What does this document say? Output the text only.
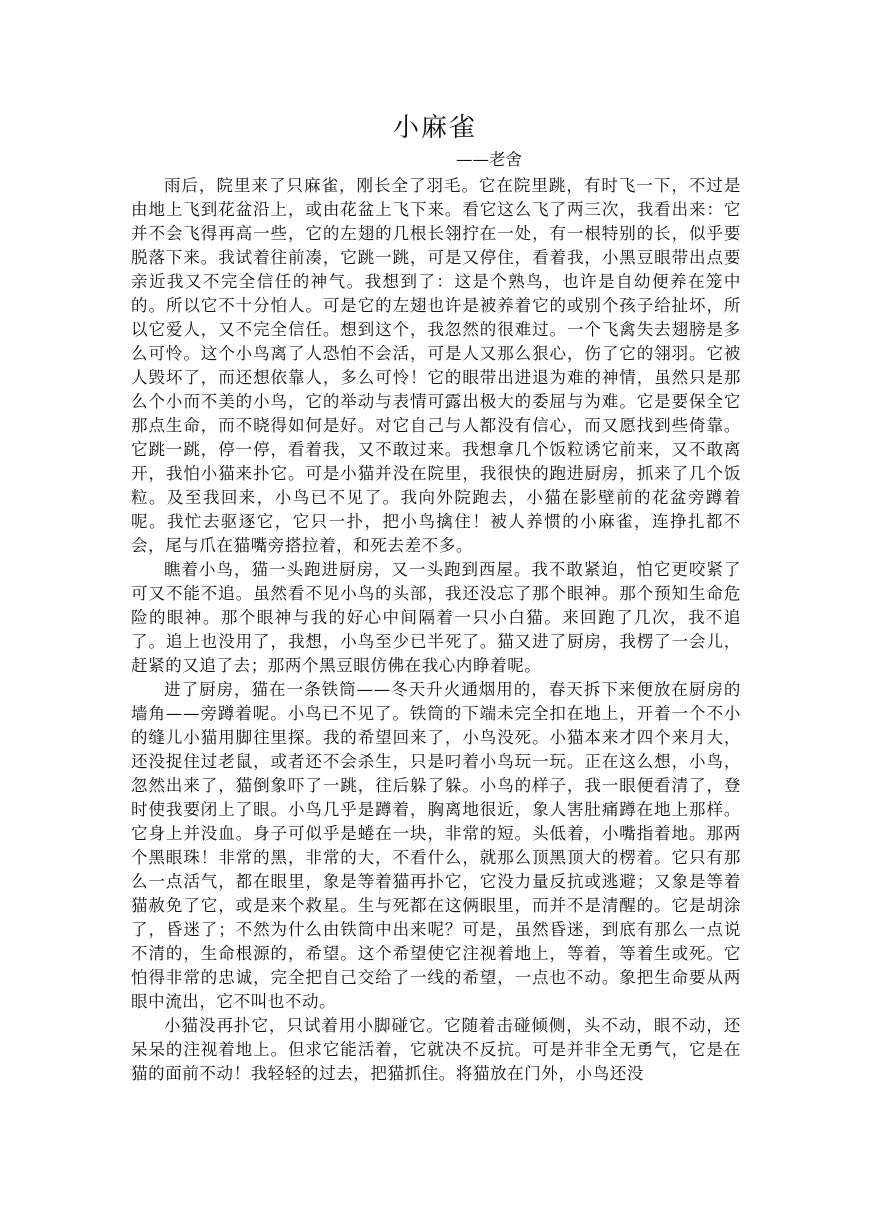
小麻雀
——老舍

雨后，院里来了只麻雀，刚长全了羽毛。它在院里跳，有时飞一下，不过是由地上飞到花盆沿上，或由花盆上飞下来。看它这么飞了两三次，我看出来：它并不会飞得再高一些，它的左翅的几根长翎拧在一处，有一根特别的长，似乎要脱落下来。我试着往前凑，它跳一跳，可是又停住，看着我，小黑豆眼带出点要亲近我又不完全信任的神气。我想到了：这是个熟鸟，也许是自幼便养在笼中的。所以它不十分怕人。可是它的左翅也许是被养着它的或别个孩子给扯坏，所以它爱人，又不完全信任。想到这个，我忽然的很难过。一个飞禽失去翅膀是多么可怜。这个小鸟离了人恐怕不会活，可是人又那么狠心，伤了它的翎羽。它被人毁坏了，而还想依靠人，多么可怜！它的眼带出进退为难的神情，虽然只是那么个小而不美的小鸟，它的举动与表情可露出极大的委屈与为难。它是要保全它那点生命，而不晓得如何是好。对它自己与人都没有信心，而又愿找到些倚靠。它跳一跳，停一停，看着我，又不敢过来。我想拿几个饭粒诱它前来，又不敢离开，我怕小猫来扑它。可是小猫并没在院里，我很快的跑进厨房，抓来了几个饭粒。及至我回来，小鸟已不见了。我向外院跑去，小猫在影壁前的花盆旁蹲着呢。我忙去驱逐它，它只一扑，把小鸟擒住！被人养惯的小麻雀，连挣扎都不会，尾与爪在猫嘴旁搭拉着，和死去差不多。

瞧着小鸟，猫一头跑进厨房，又一头跑到西屋。我不敢紧迫，怕它更咬紧了可又不能不追。虽然看不见小鸟的头部，我还没忘了那个眼神。那个预知生命危险的眼神。那个眼神与我的好心中间隔着一只小白猫。来回跑了几次，我不追了。追上也没用了，我想，小鸟至少已半死了。猫又进了厨房，我楞了一会儿，赶紧的又追了去；那两个黑豆眼仿佛在我心内睁着呢。

进了厨房，猫在一条铁筒——冬天升火通烟用的，春天拆下来便放在厨房的墙角——旁蹲着呢。小鸟已不见了。铁筒的下端未完全扣在地上，开着一个不小的缝儿小猫用脚往里探。我的希望回来了，小鸟没死。小猫本来才四个来月大，还没捉住过老鼠，或者还不会杀生，只是叼着小鸟玩一玩。正在这么想，小鸟，忽然出来了，猫倒象吓了一跳，往后躲了躲。小鸟的样子，我一眼便看清了，登时使我要闭上了眼。小鸟几乎是蹲着，胸离地很近，象人害肚痛蹲在地上那样。它身上并没血。身子可似乎是蜷在一块，非常的短。头低着，小嘴指着地。那两个黑眼珠！非常的黑，非常的大，不看什么，就那么顶黑顶大的楞着。它只有那么一点活气，都在眼里，象是等着猫再扑它，它没力量反抗或逃避；又象是等着猫赦免了它，或是来个救星。生与死都在这俩眼里，而并不是清醒的。它是胡涂了，昏迷了；不然为什么由铁筒中出来呢？可是，虽然昏迷，到底有那么一点说不清的，生命根源的，希望。这个希望使它注视着地上，等着，等着生或死。它怕得非常的忠诚，完全把自己交给了一线的希望，一点也不动。象把生命要从两眼中流出，它不叫也不动。

小猫没再扑它，只试着用小脚碰它。它随着击碰倾侧，头不动，眼不动，还呆呆的注视着地上。但求它能活着，它就决不反抗。可是并非全无勇气，它是在猫的面前不动！我轻轻的过去，把猫抓住。将猫放在门外，小鸟还没
